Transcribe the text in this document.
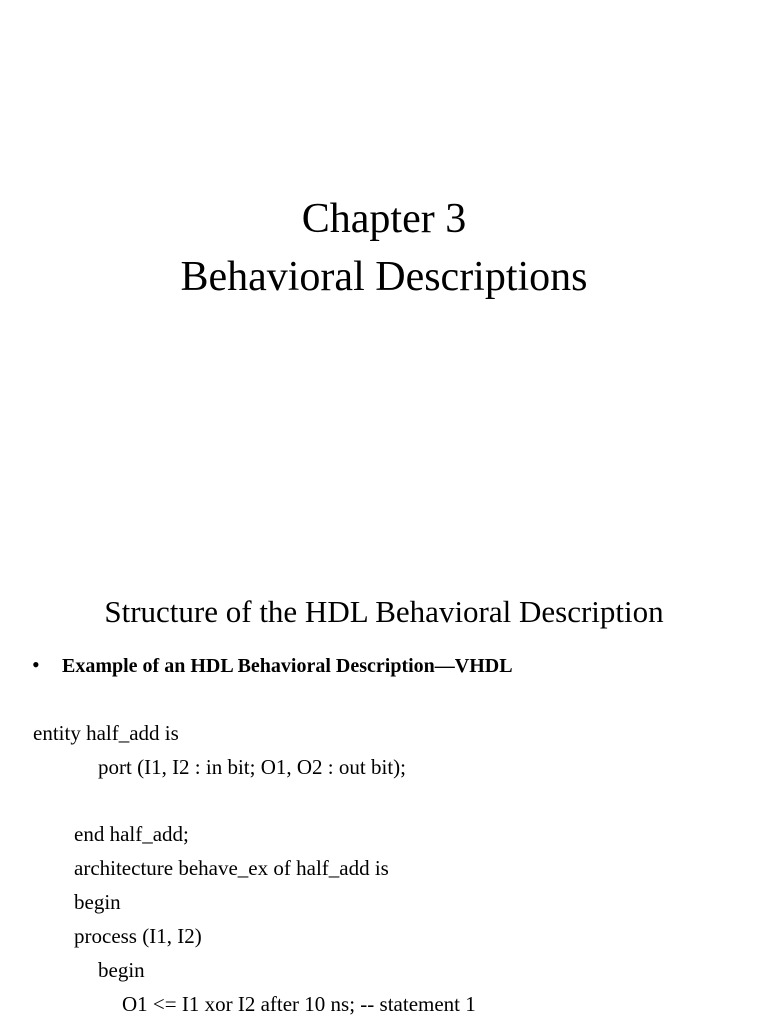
Chapter 3
Behavioral Descriptions
Structure of the HDL Behavioral Description
•	Example of an HDL Behavioral Description—VHDL
entity half_add is
port (I1, I2 : in bit; O1, O2 : out bit);
end half_add;
architecture behave_ex of half_add is
begin
process (I1, I2)
begin
O1 <= I1 xor I2 after 10 ns; -- statement 1
